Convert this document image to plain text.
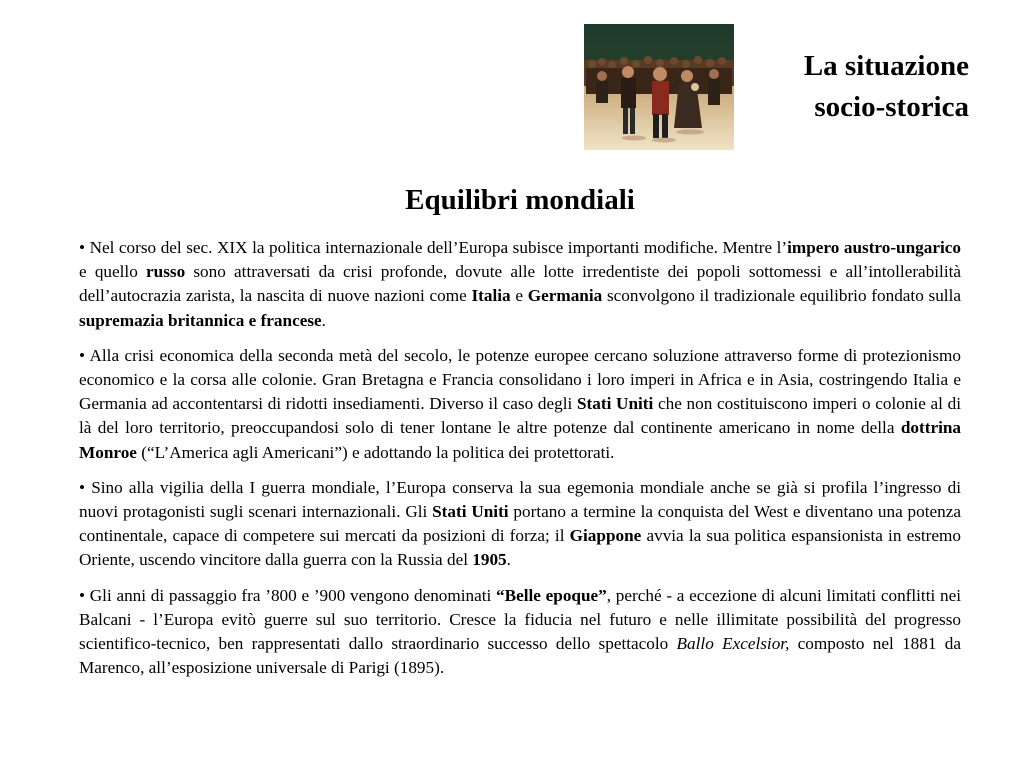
La situazione
socio-storica
Equilibri mondiali

• Nel corso del sec. XIX la politica internazionale dell’Europa subisce importanti modifiche. Mentre l’impero austro-ungarico e quello russo sono attraversati da crisi profonde, dovute alle lotte irredentiste dei popoli sottomessi e all’intollerabilità dell’autocrazia zarista, la nascita di nuove nazioni come Italia e Germania sconvolgono il tradizionale equilibrio fondato sulla supremazia britannica e francese.

• Alla crisi economica della seconda metà del secolo, le potenze europee cercano soluzione attraverso forme di protezionismo economico e la corsa alle colonie. Gran Bretagna e Francia consolidano i loro imperi in Africa e in Asia, costringendo Italia e Germania ad accontentarsi di ridotti insediamenti. Diverso il caso degli Stati Uniti che non costituiscono imperi o colonie al di là del loro territorio, preoccupandosi solo di tener lontane le altre potenze dal continente americano in nome della dottrina Monroe (“L’America agli Americani”) e adottando la politica dei protettorati.

• Sino alla vigilia della I guerra mondiale, l’Europa conserva la sua egemonia mondiale anche se già si profila l’ingresso di nuovi protagonisti sugli scenari internazionali. Gli Stati Uniti portano a termine la conquista del West e diventano una potenza continentale, capace di competere sui mercati da posizioni di forza; il Giappone avvia la sua politica espansionista in estremo Oriente, uscendo vincitore dalla guerra con la Russia del 1905.

• Gli anni di passaggio fra ’800 e ’900 vengono denominati “Belle epoque”, perché - a eccezione di alcuni limitati conflitti nei Balcani - l’Europa evitò guerre sul suo territorio. Cresce la fiducia nel futuro e nelle illimitate possibilità del progresso scientifico-tecnico, ben rappresentati dallo straordinario successo dello spettacolo Ballo Excelsior, composto nel 1881 da Marenco, all’esposizione universale di Parigi (1895).
